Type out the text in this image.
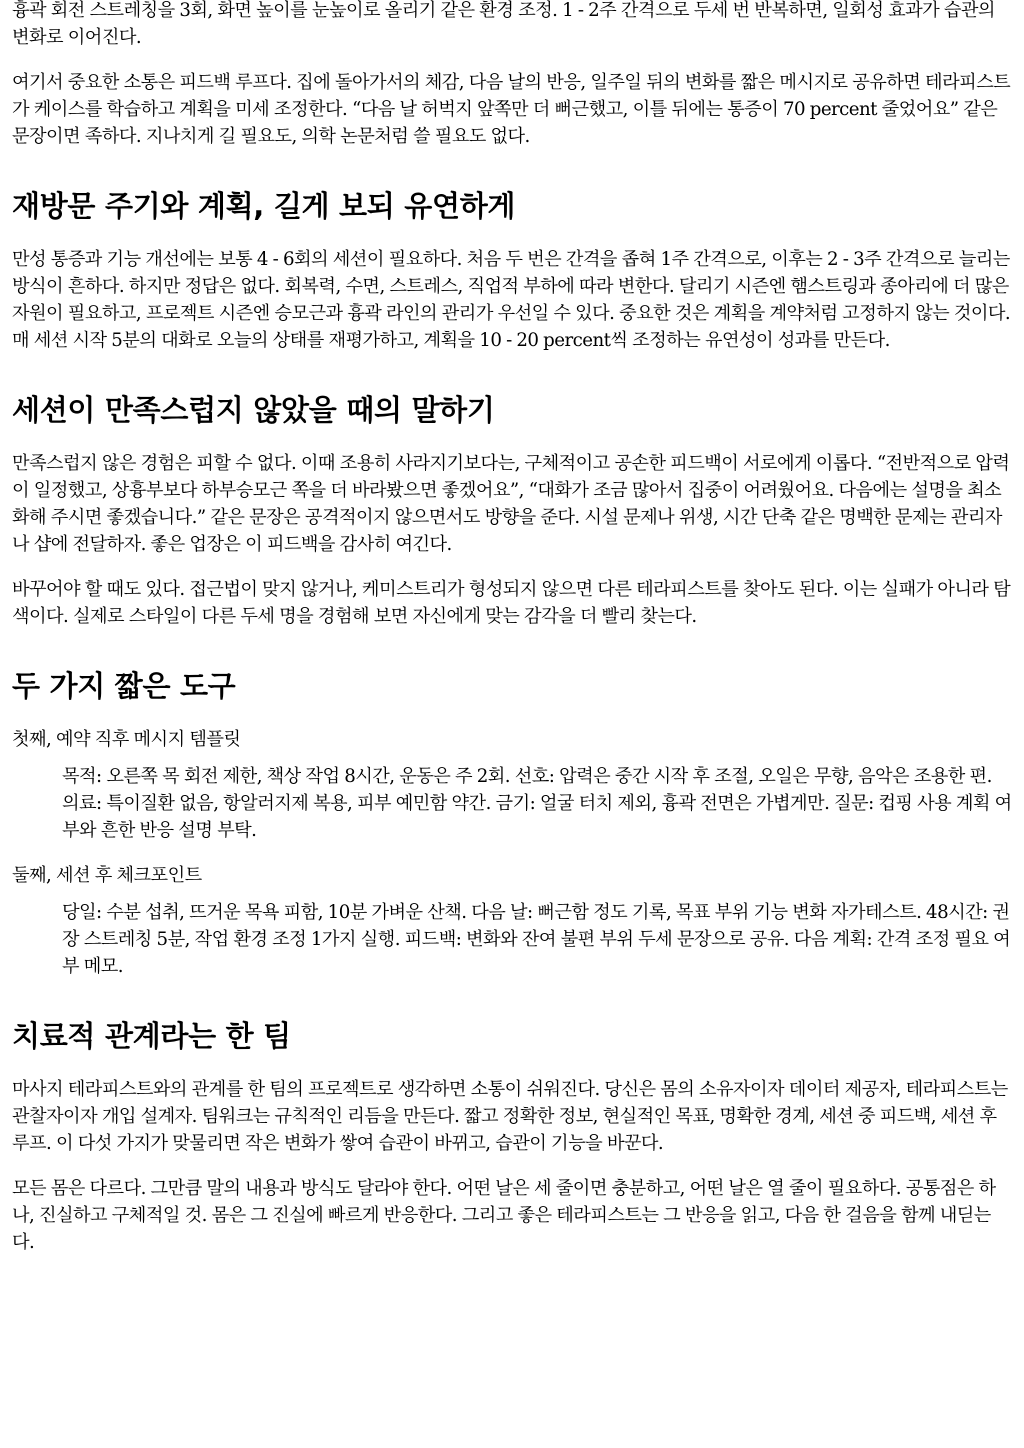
흉곽 회전 스트레칭을 3회, 화면 높이를 눈높이로 올리기 같은 환경 조정. 1 - 2주 간격으로 두세 번 반복하면, 일회성 효과가 습관의 변화로 이어진다.

여기서 중요한 소통은 피드백 루프다. 집에 돌아가서의 체감, 다음 날의 반응, 일주일 뒤의 변화를 짧은 메시지로 공유하면 테라피스트가 케이스를 학습하고 계획을 미세 조정한다. “다음 날 허벅지 앞쪽만 더 뻐근했고, 이틀 뒤에는 통증이 70 percent 줄었어요” 같은 문장이면 족하다. 지나치게 길 필요도, 의학 논문처럼 쓸 필요도 없다.

재방문 주기와 계획, 길게 보되 유연하게

만성 통증과 기능 개선에는 보통 4 - 6회의 세션이 필요하다. 처음 두 번은 간격을 좁혀 1주 간격으로, 이후는 2 - 3주 간격으로 늘리는 방식이 흔하다. 하지만 정답은 없다. 회복력, 수면, 스트레스, 직업적 부하에 따라 변한다. 달리기 시즌엔 햄스트링과 종아리에 더 많은 자원이 필요하고, 프로젝트 시즌엔 승모근과 흉곽 라인의 관리가 우선일 수 있다. 중요한 것은 계획을 계약처럼 고정하지 않는 것이다. 매 세션 시작 5분의 대화로 오늘의 상태를 재평가하고, 계획을 10 - 20 percent씩 조정하는 유연성이 성과를 만든다.

세션이 만족스럽지 않았을 때의 말하기

만족스럽지 않은 경험은 피할 수 없다. 이때 조용히 사라지기보다는, 구체적이고 공손한 피드백이 서로에게 이롭다. “전반적으로 압력이 일정했고, 상흉부보다 하부승모근 쪽을 더 바라봤으면 좋겠어요”, “대화가 조금 많아서 집중이 어려웠어요. 다음에는 설명을 최소화해 주시면 좋겠습니다.” 같은 문장은 공격적이지 않으면서도 방향을 준다. 시설 문제나 위생, 시간 단축 같은 명백한 문제는 관리자나 샵에 전달하자. 좋은 업장은 이 피드백을 감사히 여긴다.

바꾸어야 할 때도 있다. 접근법이 맞지 않거나, 케미스트리가 형성되지 않으면 다른 테라피스트를 찾아도 된다. 이는 실패가 아니라 탐색이다. 실제로 스타일이 다른 두세 명을 경험해 보면 자신에게 맞는 감각을 더 빨리 찾는다.

두 가지 짧은 도구

첫째, 예약 직후 메시지 템플릿

목적: 오른쪽 목 회전 제한, 책상 작업 8시간, 운동은 주 2회. 선호: 압력은 중간 시작 후 조절, 오일은 무향, 음악은 조용한 편. 의료: 특이질환 없음, 항알러지제 복용, 피부 예민함 약간. 금기: 얼굴 터치 제외, 흉곽 전면은 가볍게만. 질문: 컵핑 사용 계획 여부와 흔한 반응 설명 부탁.

둘째, 세션 후 체크포인트

당일: 수분 섭취, 뜨거운 목욕 피함, 10분 가벼운 산책. 다음 날: 뻐근함 정도 기록, 목표 부위 기능 변화 자가테스트. 48시간: 권장 스트레칭 5분, 작업 환경 조정 1가지 실행. 피드백: 변화와 잔여 불편 부위 두세 문장으로 공유. 다음 계획: 간격 조정 필요 여부 메모.
치료적 관계라는 한 팀

마사지 테라피스트와의 관계를 한 팀의 프로젝트로 생각하면 소통이 쉬워진다. 당신은 몸의 소유자이자 데이터 제공자, 테라피스트는 관찰자이자 개입 설계자. 팀워크는 규칙적인 리듬을 만든다. 짧고 정확한 정보, 현실적인 목표, 명확한 경계, 세션 중 피드백, 세션 후 루프. 이 다섯 가지가 맞물리면 작은 변화가 쌓여 습관이 바뀌고, 습관이 기능을 바꾼다.

모든 몸은 다르다. 그만큼 말의 내용과 방식도 달라야 한다. 어떤 날은 세 줄이면 충분하고, 어떤 날은 열 줄이 필요하다. 공통점은 하나, 진실하고 구체적일 것. 몸은 그 진실에 빠르게 반응한다. 그리고 좋은 테라피스트는 그 반응을 읽고, 다음 한 걸음을 함께 내딛는다.
